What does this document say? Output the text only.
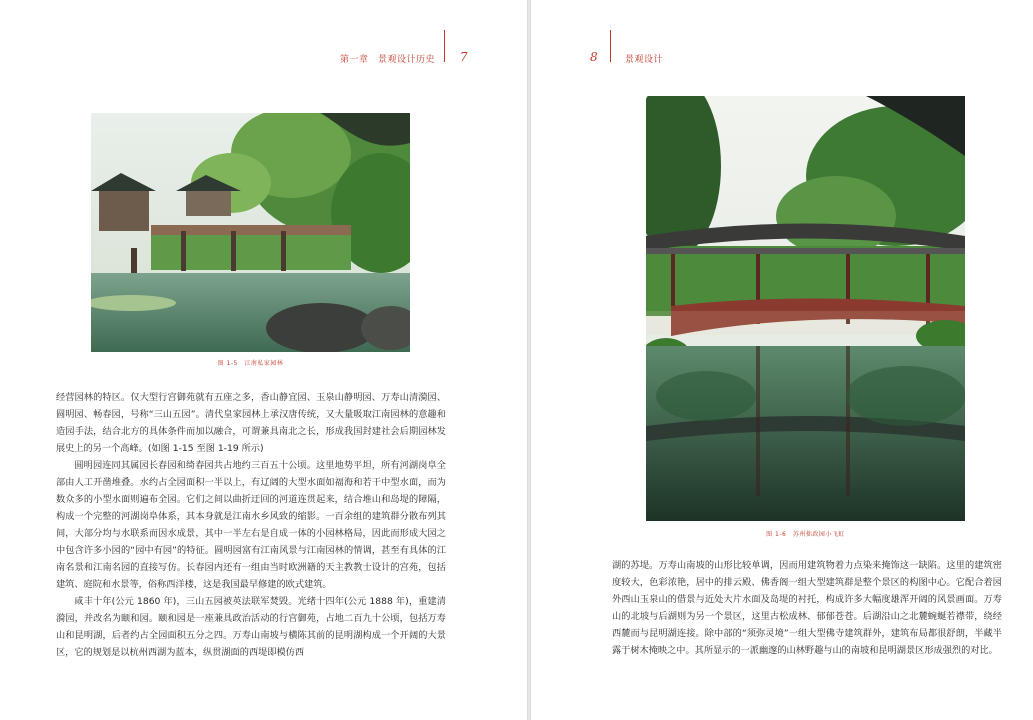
第一章　景观设计历史 7
图 1-5　江南私家园林

经营园林的特区。仅大型行宫御苑就有五座之多，香山静宜园、玉泉山静明园、万寿山清漪园、圆明园、畅春园，号称“三山五园”。清代皇家园林上承汉唐传统，又大量吸取江南园林的意趣和造园手法，结合北方的具体条件而加以融合，可谓兼具南北之长，形成我国封建社会后期园林发展史上的另一个高峰。(如图 1-15 至图 1-19 所示)

圆明园连同其属园长春园和绮春园共占地约三百五十公顷。这里地势平坦，所有河湖岗阜全部由人工开凿堆叠。水约占全园面积一半以上，有辽阔的大型水面如福海和若干中型水面，而为数众多的小型水面则遍布全园。它们之间以曲折迂回的河道连贯起来，结合堆山和岛堤的障隔，构成一个完整的河湖岗阜体系，其本身就是江南水乡风致的缩影。一百余组的建筑群分散布列其间，大部分均与水联系而因水成景，其中一半左右是自成一体的小园林格局，因此而形成大园之中包含许多小园的“园中有园”的特征。圆明园富有江南风景与江南园林的情调，甚至有具体的江南名景和江南名园的直接写仿。长春园内还有一组由当时欧洲籍的天主教教士设计的宫苑，包括建筑、庭院和水景等，俗称西洋楼，这是我国最早修建的欧式建筑。

咸丰十年(公元 1860 年)，三山五园被英法联军焚毁。光绪十四年(公元 1888 年)，重建清漪园，并改名为颐和园。颐和园是一座兼具政治活动的行宫御苑，占地二百九十公顷，包括万寿山和昆明湖，后者约占全园面积五分之四。万寿山南坡与横陈其前的昆明湖构成一个开阔的大景区，它的规划是以杭州西湖为蓝本，纵贯湖面的西堤即模仿西

8	景观设计
图 1-6　苏州拙政园小飞虹

湖的苏堤。万寿山南坡的山形比较单调，因而用建筑物着力点染来掩饰这一缺陷。这里的建筑密度较大，色彩浓艳，居中的排云殿、佛香阁一组大型建筑群是整个景区的构图中心。它配合着园外西山玉泉山的借景与近处大片水面及岛堤的衬托，构成许多大幅度雄浑开阔的风景画面。万寿山的北坡与后湖则为另一个景区，这里古松成林、郁郁苍苍。后湖沿山之北麓蜿蜒若襟带，绕经西麓而与昆明湖连接。除中部的“须弥灵境”一组大型佛寺建筑群外，建筑布局都很舒朗，半藏半露于树木掩映之中。其所显示的一派幽邃的山林野趣与山的南坡和昆明湖景区形成强烈的对比。
